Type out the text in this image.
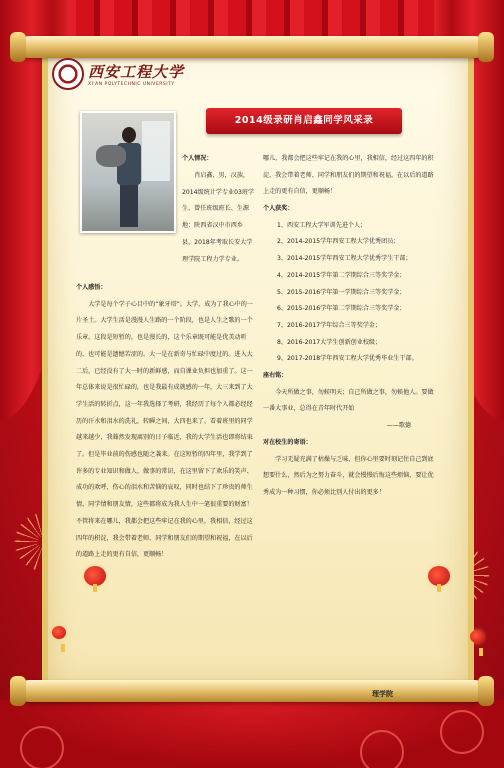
西安工程大学
XI'AN POLYTECHNIC UNIVERSITY
2014级录研肖启鑫同学风采录

个人情况：

肖启鑫，男，汉族，2014级统计学专业03班学生，曾任班级班长、生源地：陕西省汉中市西乡县，2018年考取长安大学理学院工程力学专业。

个人感悟：

大学是每个学子心目中的“象牙塔”。大学，成为了我心中的一片圣土。大学生活是漫漫人生路的一个阶段，也是人生之歌的一个乐章。这段是短暂的，也是漫长的，这个乐章既可能是优美动听的，也可能是遗憾苦涩的。大一是在新奇与忙碌中度过的。进入大二后，已经没有了大一时的新鲜感，而自课业负担也加重了。这一年总体来说是很忙碌的，也是我最有成就感的一年，大三来到了大学生活的转折点，这一年我选择了考研，我经历了每个人都必经经历的汗水和泪水的洗礼，转瞬之间，大四也来了，看着班里的同学越来越少，我蓦然发现离别的日子临近，我的大学生活也即将结束了。但是毕业前的伤感也随之袭来。在这短暂的四年里，我学到了许多的专业知识和做人、做事的常识，在这里留下了欢乐的笑声、成功的欢呼，伤心的泪水和苦恼的哀叹，同时也结下了珍贵的师生情、同学情和朋友情，这些都将成为我人生中一笔很重要的财富！不管将来在哪儿，我都会把这些牢记在我的心里，我相信，经过这四年的积淀，我会带着老师、同学和朋友们的期望和祝福，在以后的道路上走的更有自信，更顺畅！

哪儿，我都会把这些牢记在我的心里，我相信，经过这四年的积淀，我会带着老师、同学和朋友们的期望和祝福，在以后的道路上走的更有自信，更顺畅！

个人获奖：

1、西安工程大学军训先进个人；

2、2014-2015学年西安工程大学优秀团员；

3、2014-2015学年西安工程大学优秀学生干部；

4、2014-2015学年第二学期综合三等奖学金；

5、2015-2016学年第一学期综合三等奖学金；

6、2015-2016学年第二学期综合三等奖学金；

7、2016-2017学年综合三等奖学金；

8、2016-2017大学生创新创业校级；

9、2017-2018学年西安工程大学优秀毕业生干部。

座右铭：

今天所做之事，勿候明天；自己所做之事，勿候他人。要做一番大事业，总得在青年时代开始

——歌德

对在校生的寄语：

学习无疑充满了枯燥与乏味，但你心里要时刻记住自己到底想要什么，然后为之努力奋斗，就会慢慢后悔这些烦恼，要让优秀成为一种习惯，你必须比别人付出的更多！

理学院
